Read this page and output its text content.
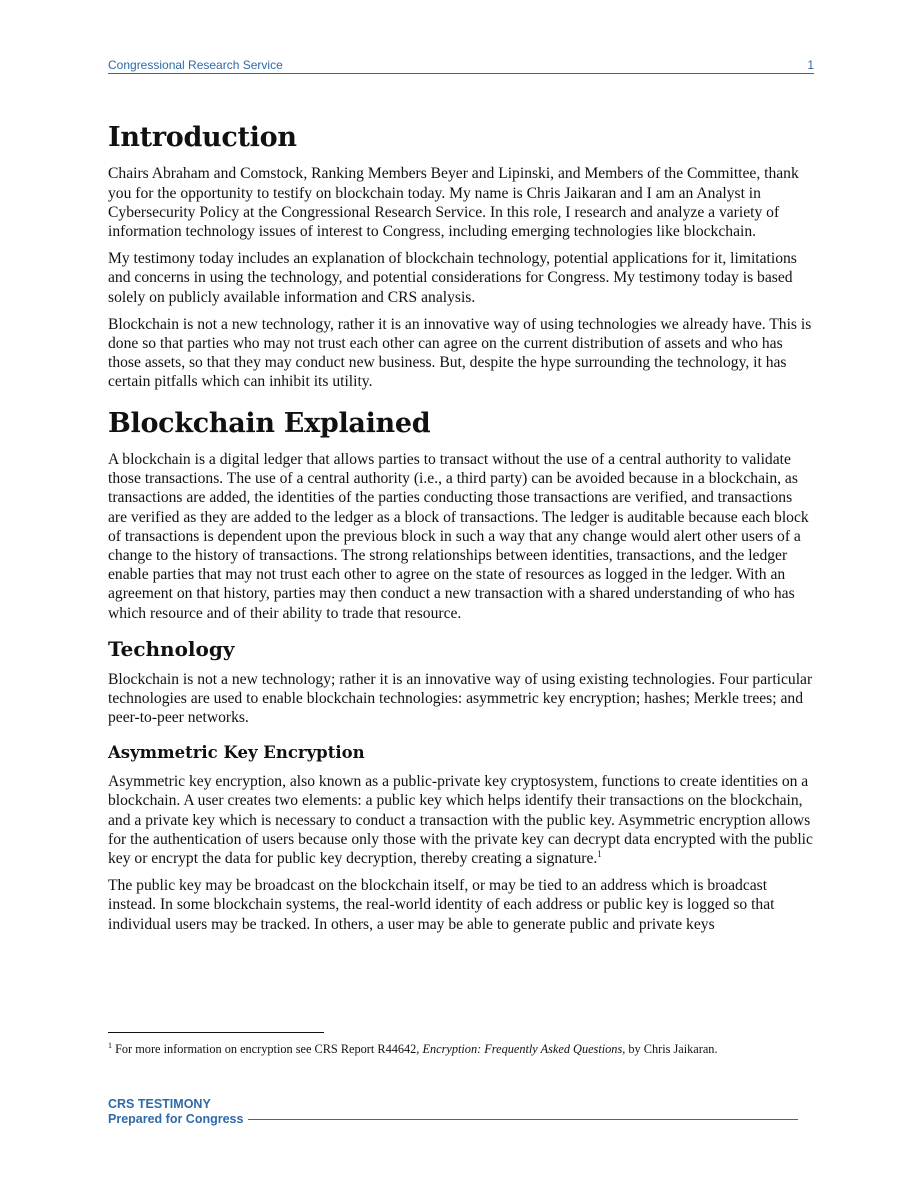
Congressional Research Service	1
Introduction

Chairs Abraham and Comstock, Ranking Members Beyer and Lipinski, and Members of the Committee, thank you for the opportunity to testify on blockchain today. My name is Chris Jaikaran and I am an Analyst in Cybersecurity Policy at the Congressional Research Service. In this role, I research and analyze a variety of information technology issues of interest to Congress, including emerging technologies like blockchain.

My testimony today includes an explanation of blockchain technology, potential applications for it, limitations and concerns in using the technology, and potential considerations for Congress. My testimony today is based solely on publicly available information and CRS analysis.

Blockchain is not a new technology, rather it is an innovative way of using technologies we already have. This is done so that parties who may not trust each other can agree on the current distribution of assets and who has those assets, so that they may conduct new business. But, despite the hype surrounding the technology, it has certain pitfalls which can inhibit its utility.

Blockchain Explained

A blockchain is a digital ledger that allows parties to transact without the use of a central authority to validate those transactions. The use of a central authority (i.e., a third party) can be avoided because in a blockchain, as transactions are added, the identities of the parties conducting those transactions are verified, and transactions are verified as they are added to the ledger as a block of transactions. The ledger is auditable because each block of transactions is dependent upon the previous block in such a way that any change would alert other users of a change to the history of transactions. The strong relationships between identities, transactions, and the ledger enable parties that may not trust each other to agree on the state of resources as logged in the ledger. With an agreement on that history, parties may then conduct a new transaction with a shared understanding of who has which resource and of their ability to trade that resource.

Technology

Blockchain is not a new technology; rather it is an innovative way of using existing technologies. Four particular technologies are used to enable blockchain technologies: asymmetric key encryption; hashes; Merkle trees; and peer-to-peer networks.

Asymmetric Key Encryption

Asymmetric key encryption, also known as a public-private key cryptosystem, functions to create identities on a blockchain. A user creates two elements: a public key which helps identify their transactions on the blockchain, and a private key which is necessary to conduct a transaction with the public key. Asymmetric encryption allows for the authentication of users because only those with the private key can decrypt data encrypted with the public key or encrypt the data for public key decryption, thereby creating a signature.$^1$

The public key may be broadcast on the blockchain itself, or may be tied to an address which is broadcast instead. In some blockchain systems, the real-world identity of each address or public key is logged so that individual users may be tracked. In others, a user may be able to generate public and private keys

$^1$ For more information on encryption see CRS Report R44642, Encryption: Frequently Asked Questions, by Chris Jaikaran.
CRS TESTIMONY
Prepared for Congress
